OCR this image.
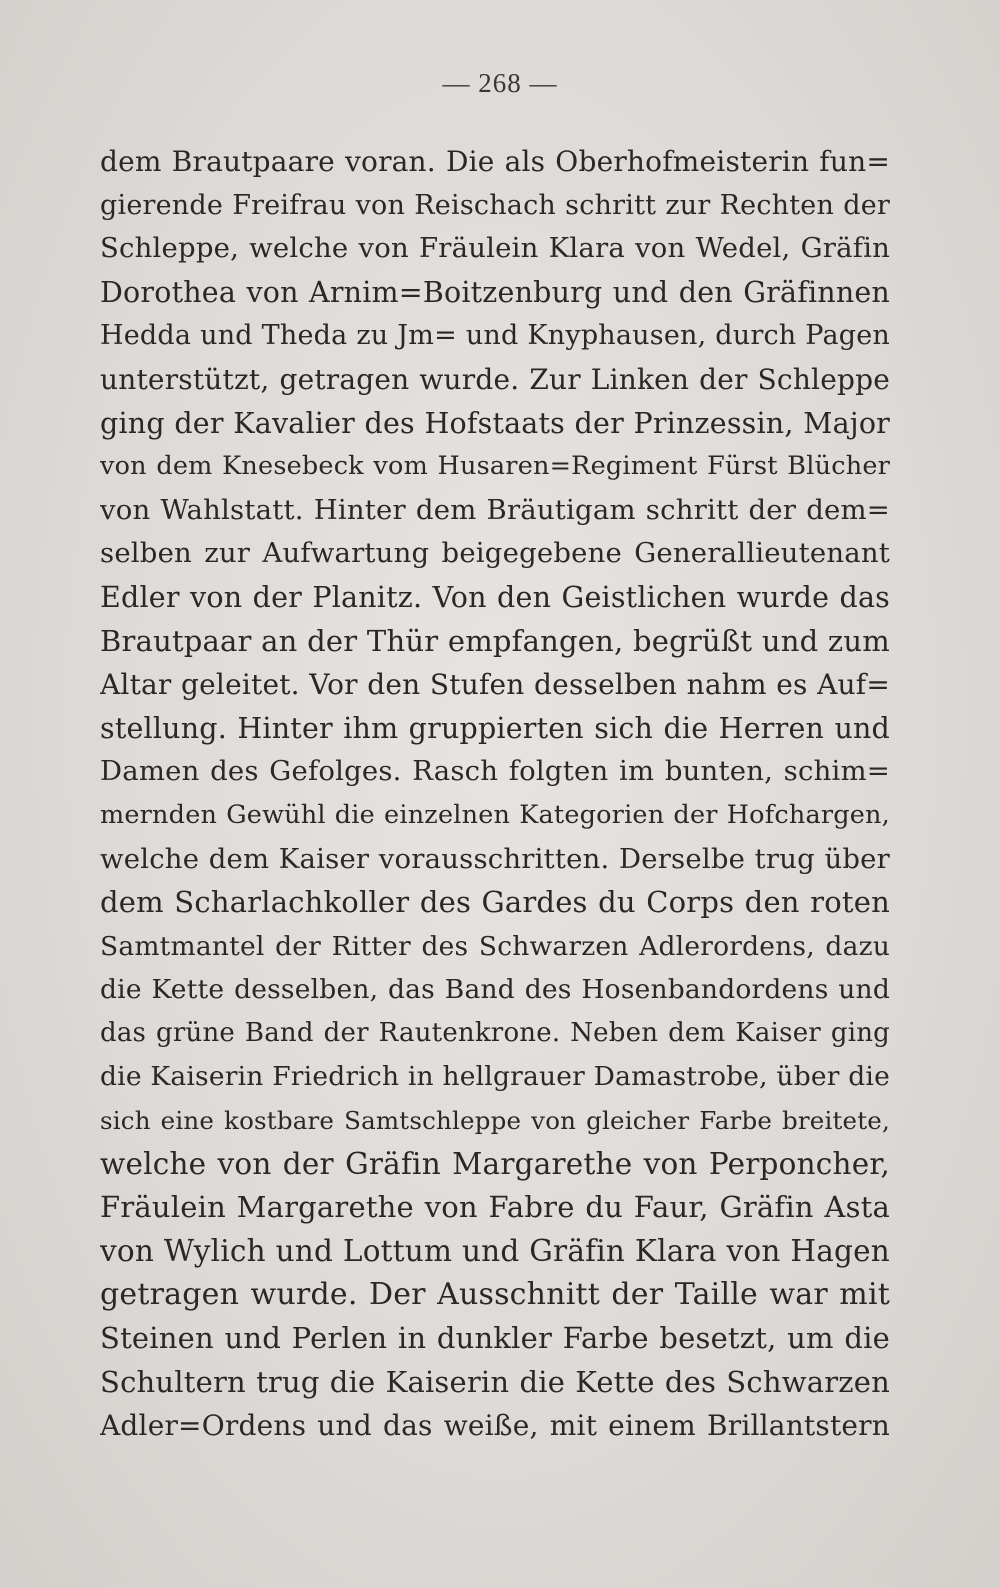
— 268 —
dem Brautpaare voran. Die als Oberhofmeisterin fun=
gierende Freifrau von Reischach schritt zur Rechten der
Schleppe, welche von Fräulein Klara von Wedel, Gräfin
Dorothea von Arnim=Boitzenburg und den Gräfinnen
Hedda und Theda zu Jm= und Knyphausen, durch Pagen
unterstützt, getragen wurde. Zur Linken der Schleppe
ging der Kavalier des Hofstaats der Prinzessin, Major
von dem Knesebeck vom Husaren=Regiment Fürst Blücher
von Wahlstatt. Hinter dem Bräutigam schritt der dem=
selben zur Aufwartung beigegebene Generallieutenant
Edler von der Planitz. Von den Geistlichen wurde das
Brautpaar an der Thür empfangen, begrüßt und zum
Altar geleitet. Vor den Stufen desselben nahm es Auf=
stellung. Hinter ihm gruppierten sich die Herren und
Damen des Gefolges. Rasch folgten im bunten, schim=
mernden Gewühl die einzelnen Kategorien der Hofchargen,
welche dem Kaiser vorausschritten. Derselbe trug über
dem Scharlachkoller des Gardes du Corps den roten
Samtmantel der Ritter des Schwarzen Adlerordens, dazu
die Kette desselben, das Band des Hosenbandordens und
das grüne Band der Rautenkrone. Neben dem Kaiser ging
die Kaiserin Friedrich in hellgrauer Damastrobe, über die
sich eine kostbare Samtschleppe von gleicher Farbe breitete,
welche von der Gräfin Margarethe von Perponcher,
Fräulein Margarethe von Fabre du Faur, Gräfin Asta
von Wylich und Lottum und Gräfin Klara von Hagen
getragen wurde. Der Ausschnitt der Taille war mit
Steinen und Perlen in dunkler Farbe besetzt, um die
Schultern trug die Kaiserin die Kette des Schwarzen
Adler=Ordens und das weiße, mit einem Brillantstern
